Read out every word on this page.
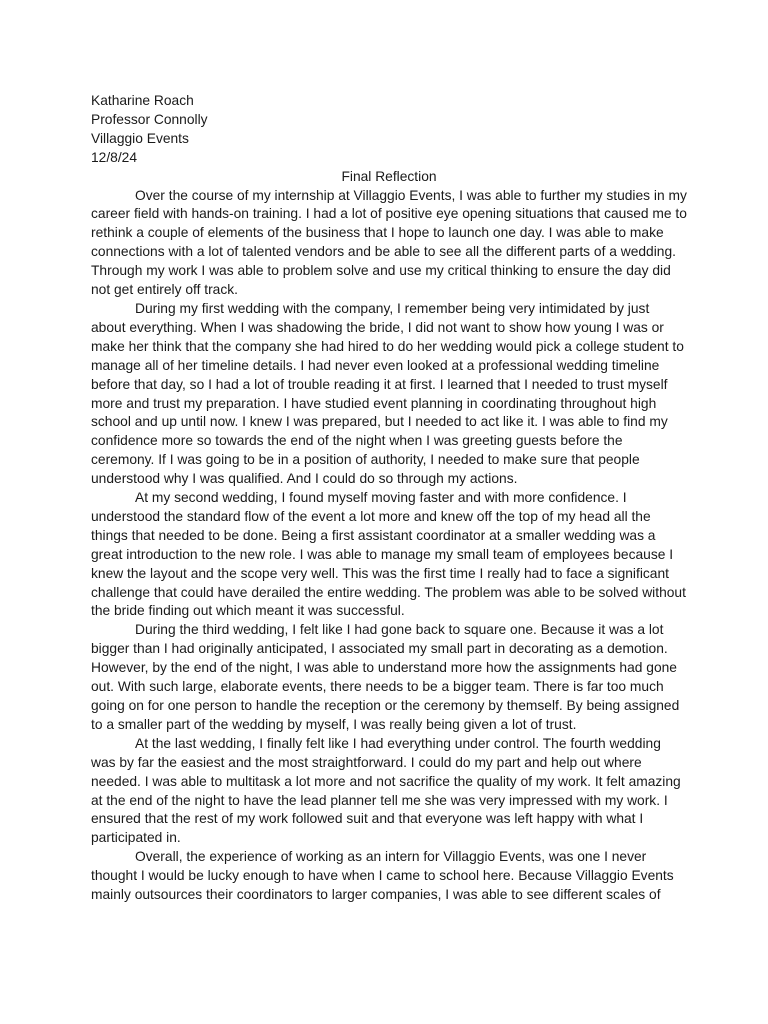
Katharine Roach

Professor Connolly

Villaggio Events

12/8/24

Final Reflection

Over the course of my internship at Villaggio Events, I was able to further my studies in my career field with hands-on training. I had a lot of positive eye opening situations that caused me to rethink a couple of elements of the business that I hope to launch one day. I was able to make connections with a lot of talented vendors and be able to see all the different parts of a wedding. Through my work I was able to problem solve and use my critical thinking to ensure the day did not get entirely off track.

During my first wedding with the company, I remember being very intimidated by just about everything. When I was shadowing the bride, I did not want to show how young I was or make her think that the company she had hired to do her wedding would pick a college student to manage all of her timeline details. I had never even looked at a professional wedding timeline before that day, so I had a lot of trouble reading it at first. I learned that I needed to trust myself more and trust my preparation. I have studied event planning in coordinating throughout high school and up until now. I knew I was prepared, but I needed to act like it. I was able to find my confidence more so towards the end of the night when I was greeting guests before the ceremony. If I was going to be in a position of authority, I needed to make sure that people understood why I was qualified. And I could do so through my actions.

At my second wedding, I found myself moving faster and with more confidence. I understood the standard flow of the event a lot more and knew off the top of my head all the things that needed to be done. Being a first assistant coordinator at a smaller wedding was a great introduction to the new role. I was able to manage my small team of employees because I knew the layout and the scope very well. This was the first time I really had to face a significant challenge that could have derailed the entire wedding. The problem was able to be solved without the bride finding out which meant it was successful.

During the third wedding, I felt like I had gone back to square one. Because it was a lot bigger than I had originally anticipated, I associated my small part in decorating as a demotion. However, by the end of the night, I was able to understand more how the assignments had gone out. With such large, elaborate events, there needs to be a bigger team. There is far too much going on for one person to handle the reception or the ceremony by themself. By being assigned to a smaller part of the wedding by myself, I was really being given a lot of trust.

At the last wedding, I finally felt like I had everything under control. The fourth wedding was by far the easiest and the most straightforward. I could do my part and help out where needed. I was able to multitask a lot more and not sacrifice the quality of my work. It felt amazing at the end of the night to have the lead planner tell me she was very impressed with my work. I ensured that the rest of my work followed suit and that everyone was left happy with what I participated in.

Overall, the experience of working as an intern for Villaggio Events, was one I never thought I would be lucky enough to have when I came to school here. Because Villaggio Events mainly outsources their coordinators to larger companies, I was able to see different scales of
